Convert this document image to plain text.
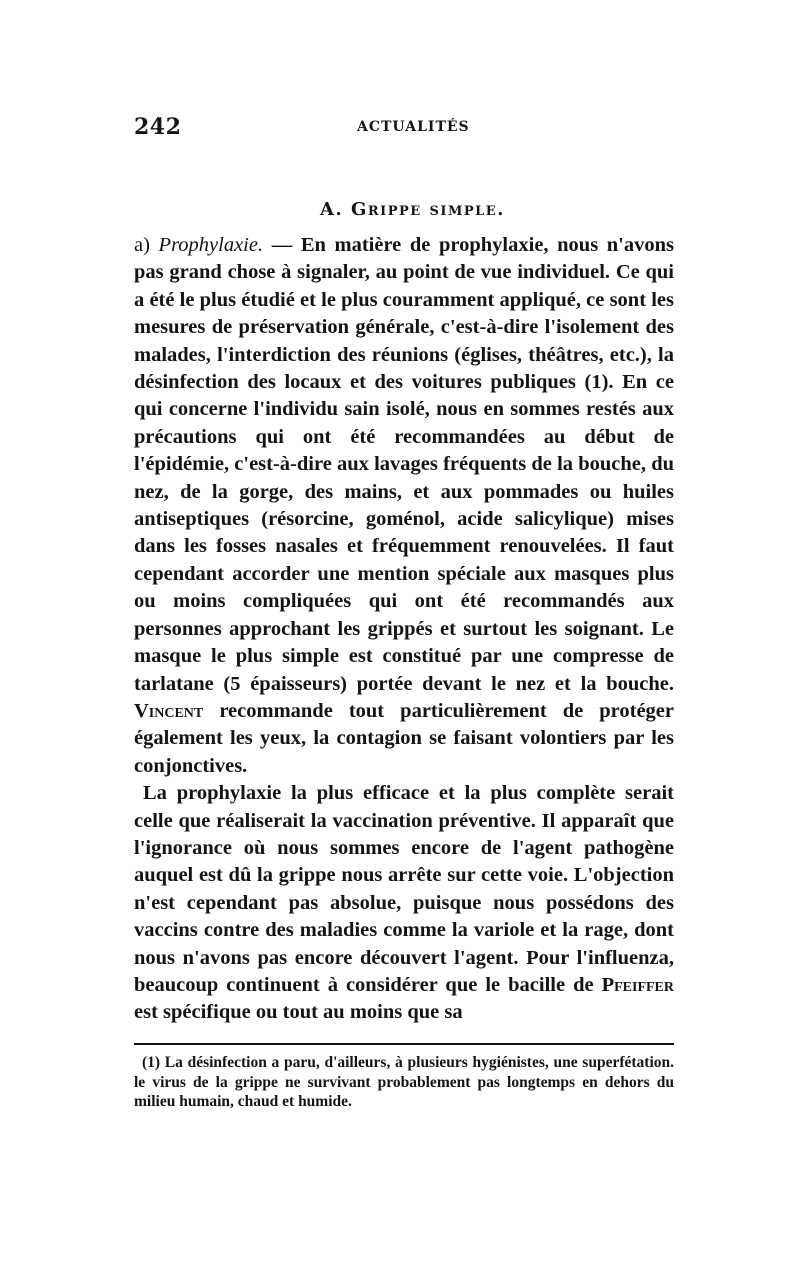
242	ACTUALITÉS
A. Grippe simple.

a) Prophylaxie. — En matière de prophylaxie, nous n'avons pas grand chose à signaler, au point de vue individuel. Ce qui a été le plus étudié et le plus couramment appliqué, ce sont les mesures de préservation générale, c'est-à-dire l'isolement des malades, l'interdiction des réunions (églises, théâtres, etc.), la désinfection des locaux et des voitures publiques (1). En ce qui concerne l'individu sain isolé, nous en sommes restés aux précautions qui ont été recommandées au début de l'épidémie, c'est-à-dire aux lavages fréquents de la bouche, du nez, de la gorge, des mains, et aux pommades ou huiles antiseptiques (résorcine, goménol, acide salicylique) mises dans les fosses nasales et fréquemment renouvelées. Il faut cependant accorder une mention spéciale aux masques plus ou moins compliquées qui ont été recommandés aux personnes approchant les grippés et surtout les soignant. Le masque le plus simple est constitué par une compresse de tarlatane (5 épaisseurs) portée devant le nez et la bouche. Vincent recommande tout particulièrement de protéger également les yeux, la contagion se faisant volontiers par les conjonctives.

La prophylaxie la plus efficace et la plus complète serait celle que réaliserait la vaccination préventive. Il apparaît que l'ignorance où nous sommes encore de l'agent pathogène auquel est dû la grippe nous arrête sur cette voie. L'objection n'est cependant pas absolue, puisque nous possédons des vaccins contre des maladies comme la variole et la rage, dont nous n'avons pas encore découvert l'agent. Pour l'influenza, beaucoup continuent à considérer que le bacille de Pfeiffer est spécifique ou tout au moins que sa

(1) La désinfection a paru, d'ailleurs, à plusieurs hygiénistes, une superfétation. le virus de la grippe ne survivant probablement pas longtemps en dehors du milieu humain, chaud et humide.
